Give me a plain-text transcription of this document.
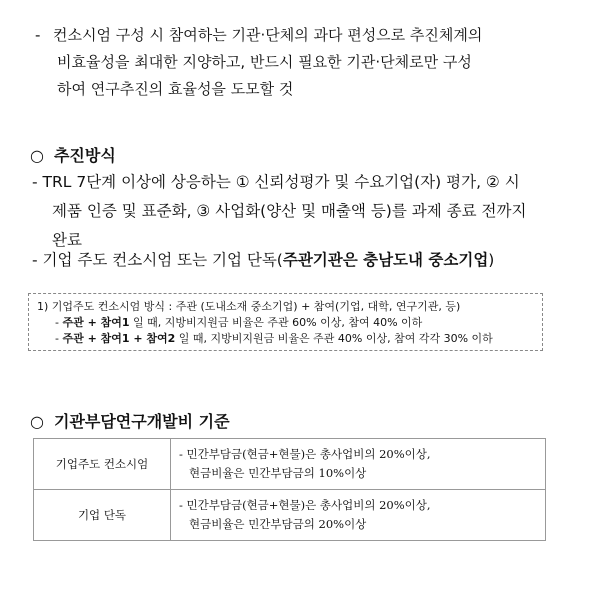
- 컨소시엄 구성 시 참여하는 기관·단체의 과다 편성으로 추진체계의
비효율성을 최대한 지양하고, 반드시 필요한 기관·단체로만 구성
하여 연구추진의 효율성을 도모할 것
○ 추진방식
- TRL 7단계 이상에 상응하는 ① 신뢰성평가 및 수요기업(자) 평가, ② 시
제품 인증 및 표준화, ③ 사업화(양산 및 매출액 등)를 과제 종료 전까지
완료
- 기업 주도 컨소시엄 또는 기업 단독(주관기관은 충남도내 중소기업)
1) 기업주도 컨소시엄 방식 : 주관 (도내소재 중소기업) + 참여(기업, 대학, 연구기관, 등)
- 주관 + 참여1 일 때, 지방비지원금 비율은 주관 60% 이상, 참여 40% 이하
- 주관 + 참여1 + 참여2 일 때, 지방비지원금 비율은 주관 40% 이상, 참여 각각 30% 이하
○ 기관부담연구개발비 기준
기업주도 컨소시엄	- 민간부담금(현금+현물)은 총사업비의 20%이상,
현금비율은 민간부담금의 10%이상

기업 단독	- 민간부담금(현금+현물)은 총사업비의 20%이상,
현금비율은 민간부담금의 20%이상
